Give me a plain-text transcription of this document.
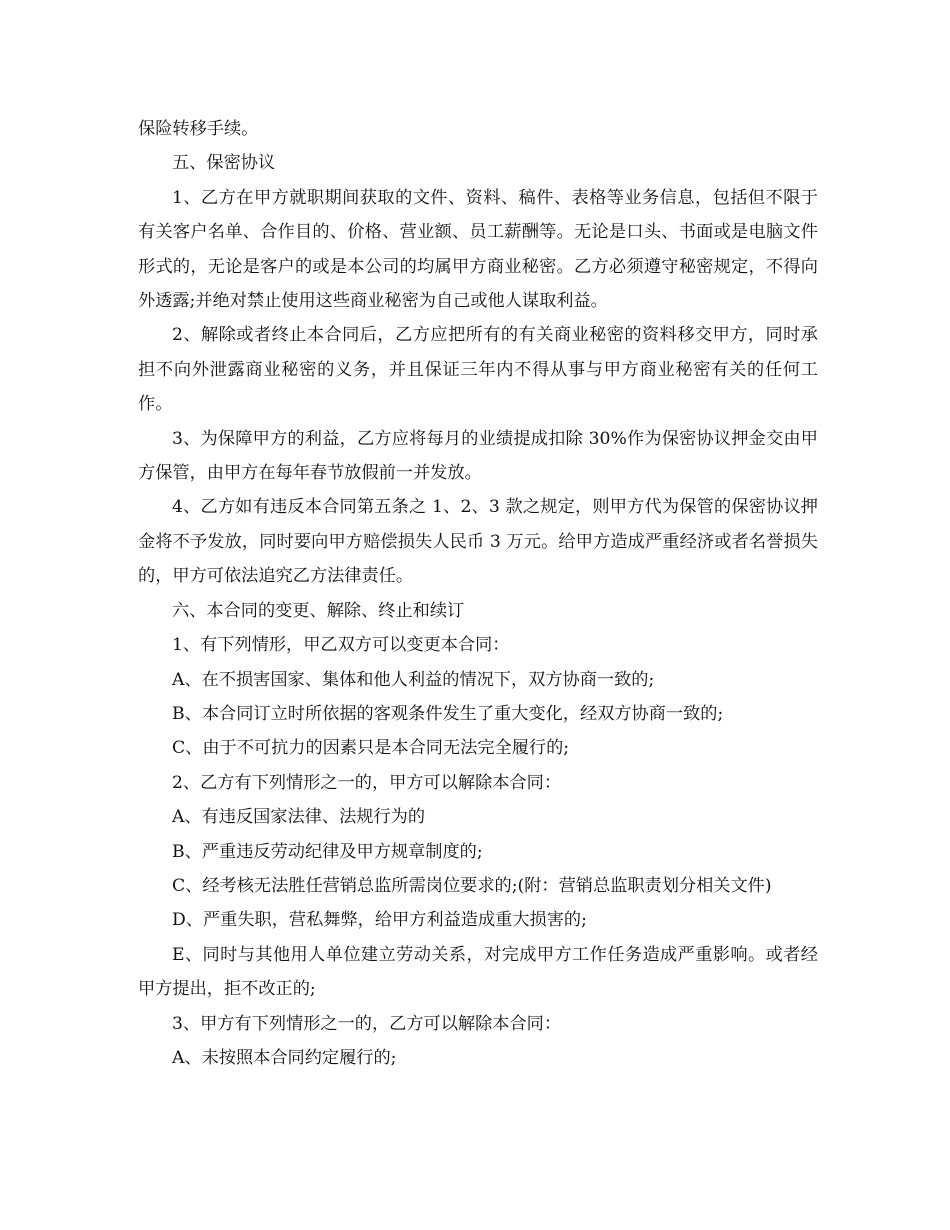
保险转移手续。

五、保密协议

1、乙方在甲方就职期间获取的文件、资料、稿件、表格等业务信息，包括但不限于有关客户名单、合作目的、价格、营业额、员工薪酬等。无论是口头、书面或是电脑文件形式的，无论是客户的或是本公司的均属甲方商业秘密。乙方必须遵守秘密规定，不得向外透露;并绝对禁止使用这些商业秘密为自己或他人谋取利益。

2、解除或者终止本合同后，乙方应把所有的有关商业秘密的资料移交甲方，同时承担不向外泄露商业秘密的义务，并且保证三年内不得从事与甲方商业秘密有关的任何工作。

3、为保障甲方的利益，乙方应将每月的业绩提成扣除 30%作为保密协议押金交由甲方保管，由甲方在每年春节放假前一并发放。

4、乙方如有违反本合同第五条之 1、2、3 款之规定，则甲方代为保管的保密协议押金将不予发放，同时要向甲方赔偿损失人民币 3 万元。给甲方造成严重经济或者名誉损失的，甲方可依法追究乙方法律责任。

六、本合同的变更、解除、终止和续订

1、有下列情形，甲乙双方可以变更本合同：

A、在不损害国家、集体和他人利益的情况下，双方协商一致的;

B、本合同订立时所依据的客观条件发生了重大变化，经双方协商一致的;

C、由于不可抗力的因素只是本合同无法完全履行的;

2、乙方有下列情形之一的，甲方可以解除本合同：

A、有违反国家法律、法规行为的

B、严重违反劳动纪律及甲方规章制度的;

C、经考核无法胜任营销总监所需岗位要求的;(附：营销总监职责划分相关文件)

D、严重失职，营私舞弊，给甲方利益造成重大损害的;

E、同时与其他用人单位建立劳动关系，对完成甲方工作任务造成严重影响。或者经甲方提出，拒不改正的;

3、甲方有下列情形之一的，乙方可以解除本合同：

A、未按照本合同约定履行的;
